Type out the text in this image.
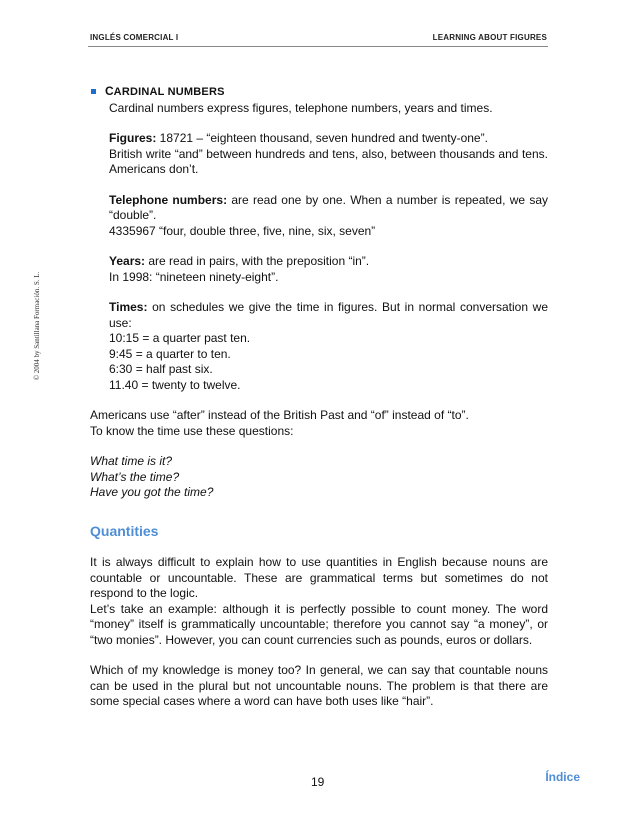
INGLÉS COMERCIAL I	LEARNING ABOUT FIGURES
© 2004 by Santillana Formación. S. L.
CARDINAL NUMBERS

Cardinal numbers express figures, telephone numbers, years and times.

Figures: 18721 – “eighteen thousand, seven hundred and twenty-one”.

British write “and” between hundreds and tens, also, between thousands and tens. Americans don’t.

Telephone numbers: are read one by one. When a number is repeated, we say “double”.

4335967 “four, double three, five, nine, six, seven”

Years: are read in pairs, with the preposition “in”.

In 1998: “nineteen ninety-eight”.

Times: on schedules we give the time in figures. But in normal conversation we use:

10:15 = a quarter past ten.

9:45 = a quarter to ten.

6:30 = half past six.

11.40 = twenty to twelve.

Americans use “after” instead of the British Past and “of” instead of “to”.

To know the time use these questions:

What time is it?

What’s the time?

Have you got the time?

Quantities

It is always difficult to explain how to use quantities in English because nouns are countable or uncountable. These are grammatical terms but sometimes do not respond to the logic.

Let’s take an example: although it is perfectly possible to count money. The word “money” itself is grammatically uncountable; therefore you cannot say “a money”, or “two monies”. However, you can count currencies such as pounds, euros or dollars.

Which of my knowledge is money too? In general, we can say that countable nouns can be used in the plural but not uncountable nouns. The problem is that there are some special cases where a word can have both uses like “hair”.

19	Índice
